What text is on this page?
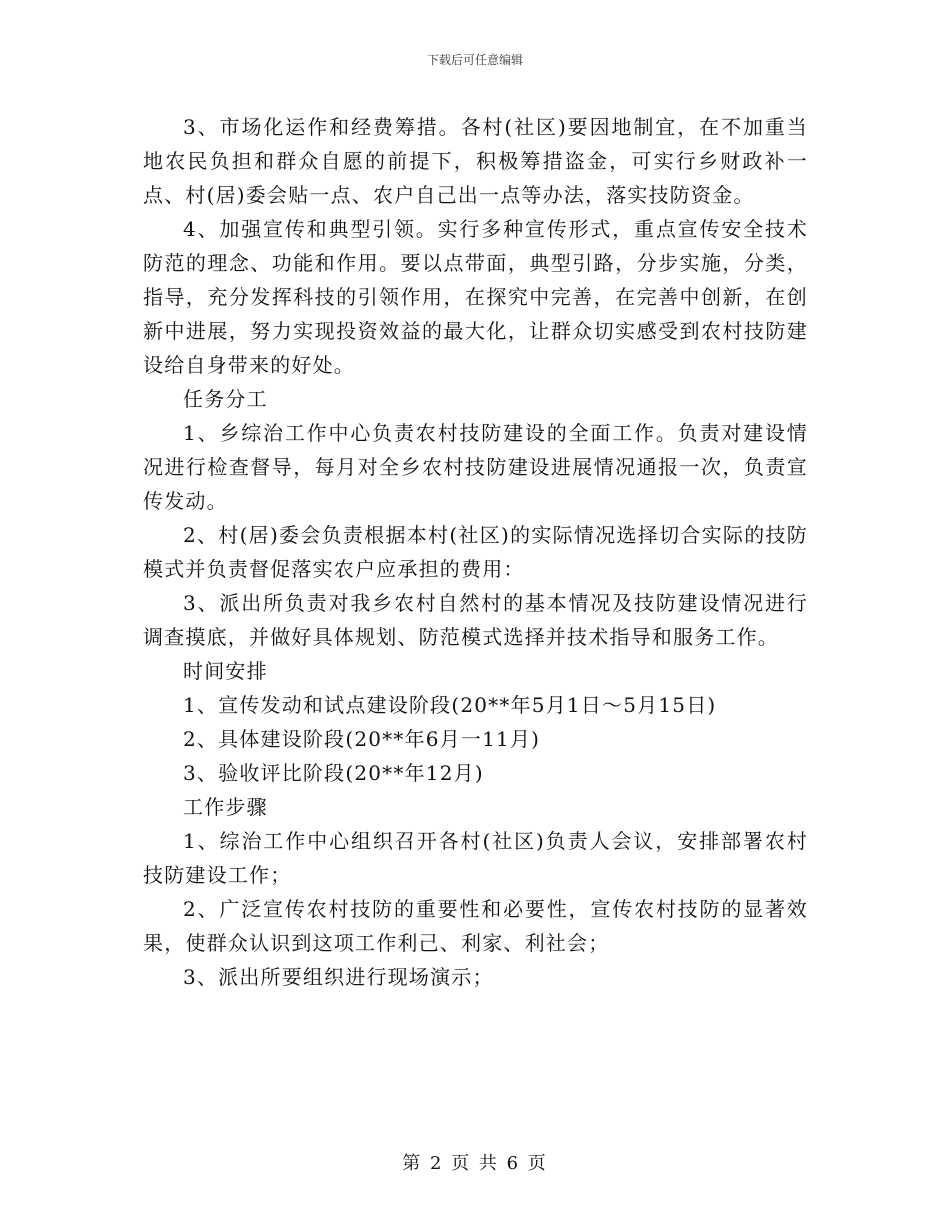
下载后可任意编辑

3、市场化运作和经费筹措。各村(社区)要因地制宜，在不加重当地农民负担和群众自愿的前提下，积极筹措盗金，可实行乡财政补一点、村(居)委会贴一点、农户自己出一点等办法，落实技防资金。

4、加强宣传和典型引领。实行多种宣传形式，重点宣传安全技术防范的理念、功能和作用。要以点带面，典型引路，分步实施，分类，指导，充分发挥科技的引领作用，在探究中完善，在完善中创新，在创新中进展，努力实现投资效益的最大化，让群众切实感受到农村技防建设给自身带来的好处。

任务分工

1、乡综治工作中心负责农村技防建设的全面工作。负责对建设情况进行检查督导，每月对全乡农村技防建设进展情况通报一次，负责宣传发动。

2、村(居)委会负责根据本村(社区)的实际情况选择切合实际的技防模式并负责督促落实农户应承担的费用：

3、派出所负责对我乡农村自然村的基本情况及技防建设情况进行调查摸底，并做好具体规划、防范模式选择并技术指导和服务工作。

时间安排

1、宣传发动和试点建设阶段(20**年5月1日～5月15日)

2、具体建设阶段(20**年6月一11月)

3、验收评比阶段(20**年12月)

工作步骤

1、综治工作中心组织召开各村(社区)负责人会议，安排部署农村技防建设工作；

2、广泛宣传农村技防的重要性和必要性，宣传农村技防的显著效果，使群众认识到这项工作利己、利家、利社会；

3、派出所要组织进行现场演示；

第 2 页 共 6 页
